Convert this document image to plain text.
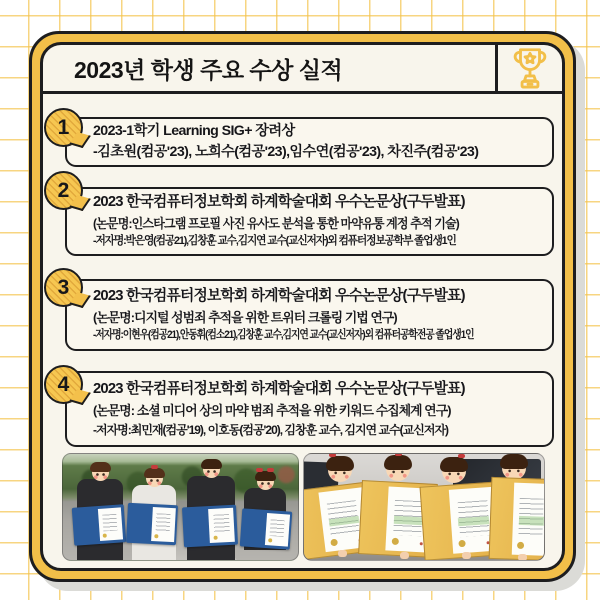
2023년 학생 주요 수상 실적
2023-1학기 Learning SIG+ 장려상
-김초원(컴공'23), 노희수(컴공'23),임수연(컴공'23), 차진주(컴공'23)
1
2023 한국컴퓨터정보학회 하계학술대회 우수논문상(구두발표)
(논문명:인스타그램 프로필 사진 유사도 분석을 통한 마약유통 계정 추적 기술)
-저자명:박은영(컴공21),김창훈 교수,김지연 교수(교신저자)외 컴퓨터정보공학부 졸업생1인
2
2023 한국컴퓨터정보학회 하계학술대회 우수논문상(구두발표)
(논문명:디지털 성범죄 추적을 위한 트위터 크롤링 기법 연구)
-저자명:이현우(컴공21),안동휘(컴소21),김창훈 교수,김지연 교수(교신저자)외 컴퓨터공학전공 졸업생1인
3
2023 한국컴퓨터정보학회 하계학술대회 우수논문상(구두발표)
(논문명: 소셜 미디어 상의 마약 범죄 추적을 위한 키워드 수집체계 연구)
-저자명:최민재(컴공'19), 이호동(컴공'20), 김창훈 교수, 김지연 교수(교신저자)
4
